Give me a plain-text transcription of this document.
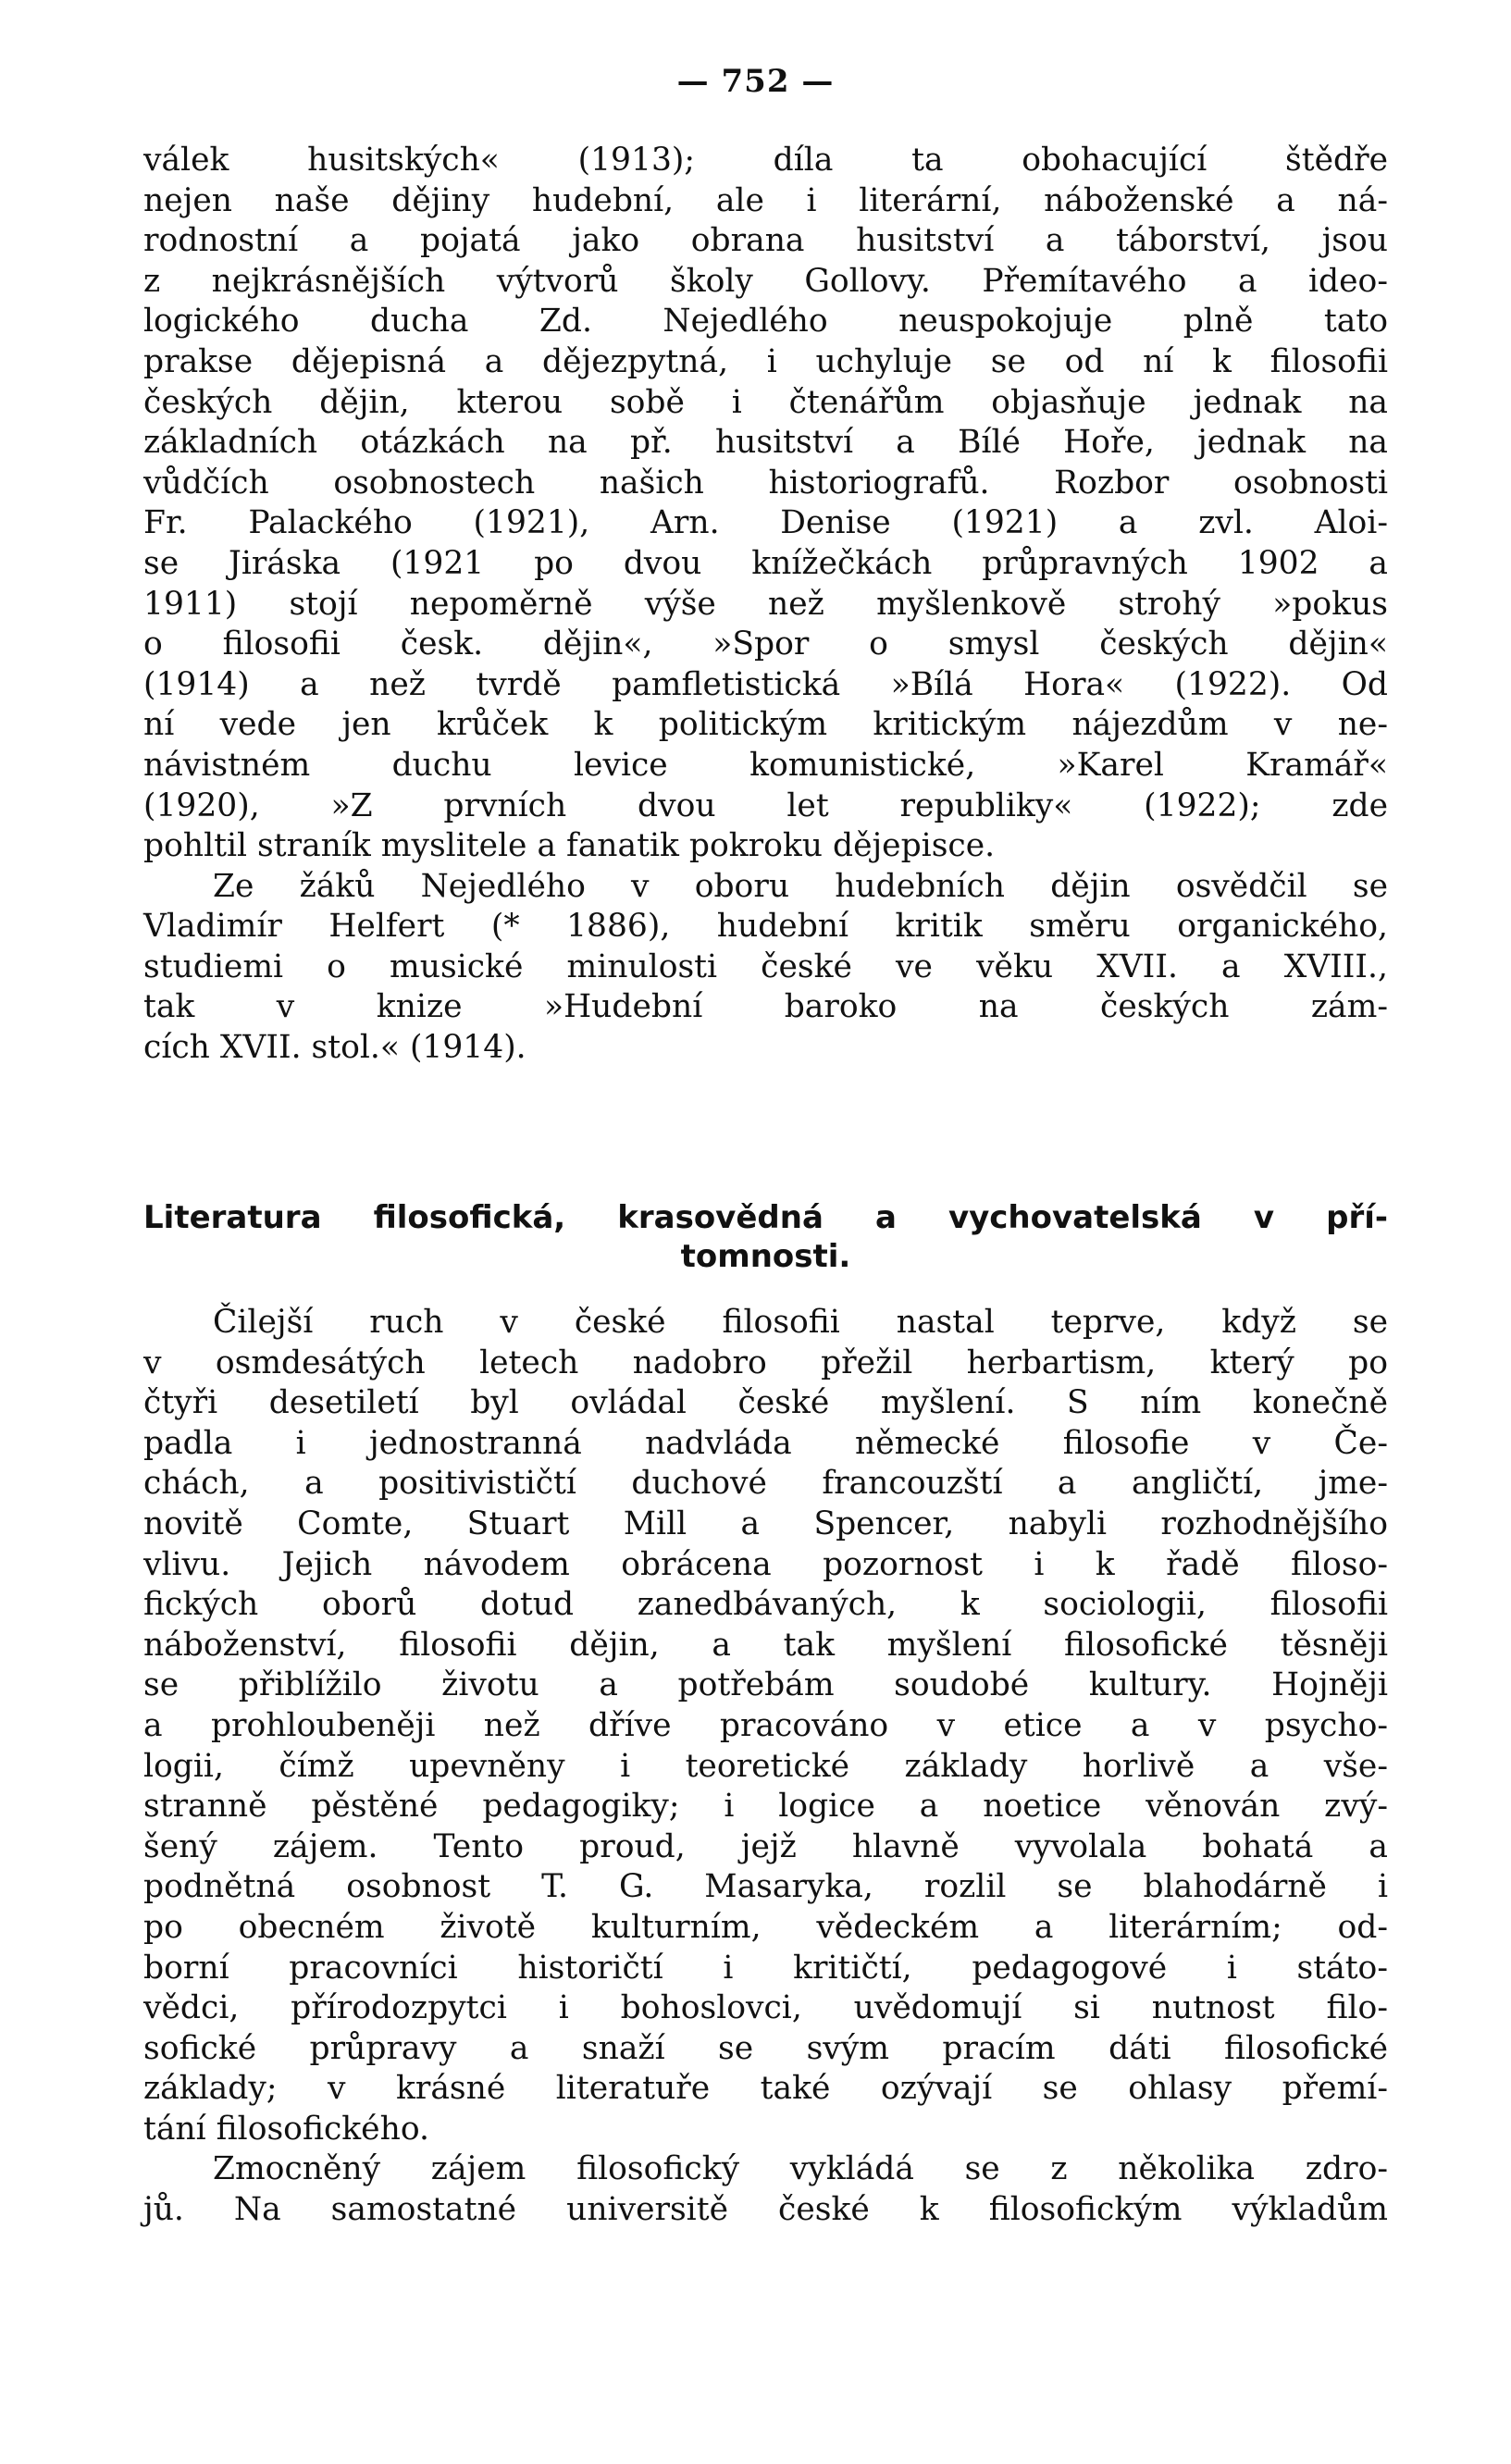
— 752 —
válek husitských« (1913); díla ta obohacující štědře
nejen naše dějiny hudební, ale i literární, náboženské a ná-
rodnostní a pojatá jako obrana husitství a táborství, jsou
z nejkrásnějších výtvorů školy Gollovy. Přemítavého a ideo-
logického ducha Zd. Nejedlého neuspokojuje plně tato
prakse dějepisná a dějezpytná, i uchyluje se od ní k filosofii
českých dějin, kterou sobě i čtenářům objasňuje jednak na
základních otázkách na př. husitství a Bílé Hoře, jednak na
vůdčích osobnostech našich historiografů. Rozbor osobnosti
Fr. Palackého (1921), Arn. Denise (1921) a zvl. Aloi-
se Jiráska (1921 po dvou knížečkách průpravných 1902 a
1911) stojí nepoměrně výše než myšlenkově strohý »pokus
o filosofii česk. dějin«, »Spor o smysl českých dějin«
(1914) a než tvrdě pamfletistická »Bílá Hora« (1922). Od
ní vede jen krůček k politickým kritickým nájezdům v ne-
návistném duchu levice komunistické, »Karel Kramář«
(1920), »Z prvních dvou let republiky« (1922); zde
pohltil straník myslitele a fanatik pokroku dějepisce.
Ze žáků Nejedlého v oboru hudebních dějin osvědčil se
Vladimír Helfert (* 1886), hudební kritik směru organického,
studiemi o musické minulosti české ve věku XVII. a XVIII.,
tak v knize »Hudební baroko na českých zám-
cích XVII. stol.« (1914).
Literatura filosofická, krasovědná a vychovatelská v pří-
tomnosti.
Čilejší ruch v české filosofii nastal teprve, když se
v osmdesátých letech nadobro přežil herbartism, který po
čtyři desetiletí byl ovládal české myšlení. S ním konečně
padla i jednostranná nadvláda německé filosofie v Če-
chách, a positivističtí duchové francouzští a angličtí, jme-
novitě Comte, Stuart Mill a Spencer, nabyli rozhodnějšího
vlivu. Jejich návodem obrácena pozornost i k řadě filoso-
fických oborů dotud zanedbávaných, k sociologii, filosofii
náboženství, filosofii dějin, a tak myšlení filosofické těsněji
se přiblížilo životu a potřebám soudobé kultury. Hojněji
a prohloubeněji než dříve pracováno v etice a v psycho-
logii, čímž upevněny i teoretické základy horlivě a vše-
stranně pěstěné pedagogiky; i logice a noetice věnován zvý-
šený zájem. Tento proud, jejž hlavně vyvolala bohatá a
podnětná osobnost T. G. Masaryka, rozlil se blahodárně i
po obecném životě kulturním, vědeckém a literárním; od-
borní pracovníci historičtí i kritičtí, pedagogové i státo-
vědci, přírodozpytci i bohoslovci, uvědomují si nutnost filo-
sofické průpravy a snaží se svým pracím dáti filosofické
základy; v krásné literatuře také ozývají se ohlasy přemí-
tání filosofického.
Zmocněný zájem filosofický vykládá se z několika zdro-
jů. Na samostatné universitě české k filosofickým výkladům
